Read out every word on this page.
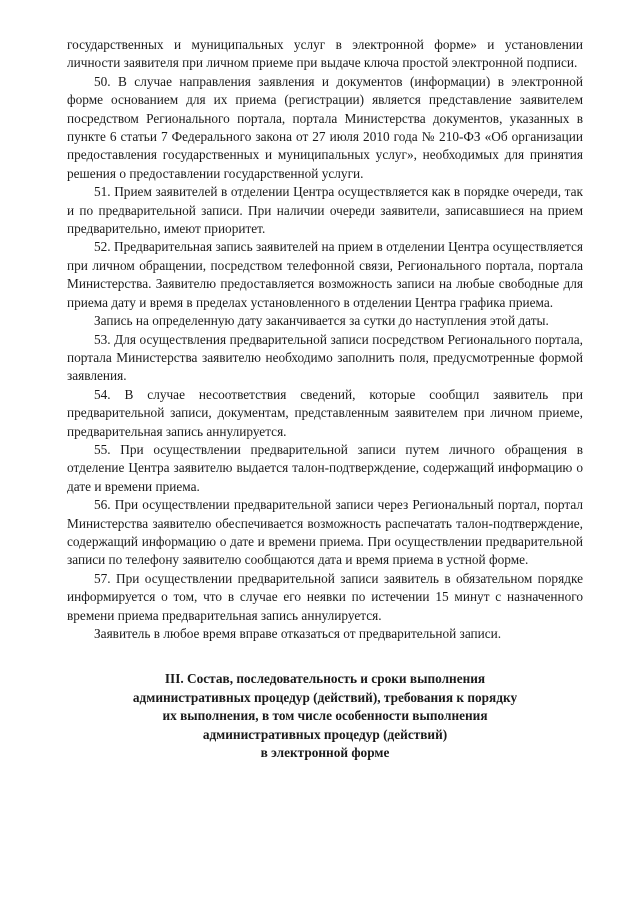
государственных и муниципальных услуг в электронной форме» и установлении личности заявителя при личном приеме при выдаче ключа простой электронной подписи.

50. В случае направления заявления и документов (информации) в электронной форме основанием для их приема (регистрации) является представление заявителем посредством Регионального портала, портала Министерства документов, указанных в пункте 6 статьи 7 Федерального закона от 27 июля 2010 года № 210-ФЗ «Об организации предоставления государственных и муниципальных услуг», необходимых для принятия решения о предоставлении государственной услуги.

51. Прием заявителей в отделении Центра осуществляется как в порядке очереди, так и по предварительной записи. При наличии очереди заявители, записавшиеся на прием предварительно, имеют приоритет.

52. Предварительная запись заявителей на прием в отделении Центра осуществляется при личном обращении, посредством телефонной связи, Регионального портала, портала Министерства. Заявителю предоставляется возможность записи на любые свободные для приема дату и время в пределах установленного в отделении Центра графика приема.

Запись на определенную дату заканчивается за сутки до наступления этой даты.

53. Для осуществления предварительной записи посредством Регионального портала, портала Министерства заявителю необходимо заполнить поля, предусмотренные формой заявления.

54. В случае несоответствия сведений, которые сообщил заявитель при предварительной записи, документам, представленным заявителем при личном приеме, предварительная запись аннулируется.

55. При осуществлении предварительной записи путем личного обращения в отделение Центра заявителю выдается талон-подтверждение, содержащий информацию о дате и времени приема.

56. При осуществлении предварительной записи через Региональный портал, портал Министерства заявителю обеспечивается возможность распечатать талон-подтверждение, содержащий информацию о дате и времени приема. При осуществлении предварительной записи по телефону заявителю сообщаются дата и время приема в устной форме.

57. При осуществлении предварительной записи заявитель в обязательном порядке информируется о том, что в случае его неявки по истечении 15 минут с назначенного времени приема предварительная запись аннулируется.

Заявитель в любое время вправе отказаться от предварительной записи.

III. Состав, последовательность и сроки выполнения
административных процедур (действий), требования к порядку
их выполнения, в том числе особенности выполнения
административных процедур (действий)
в электронной форме
